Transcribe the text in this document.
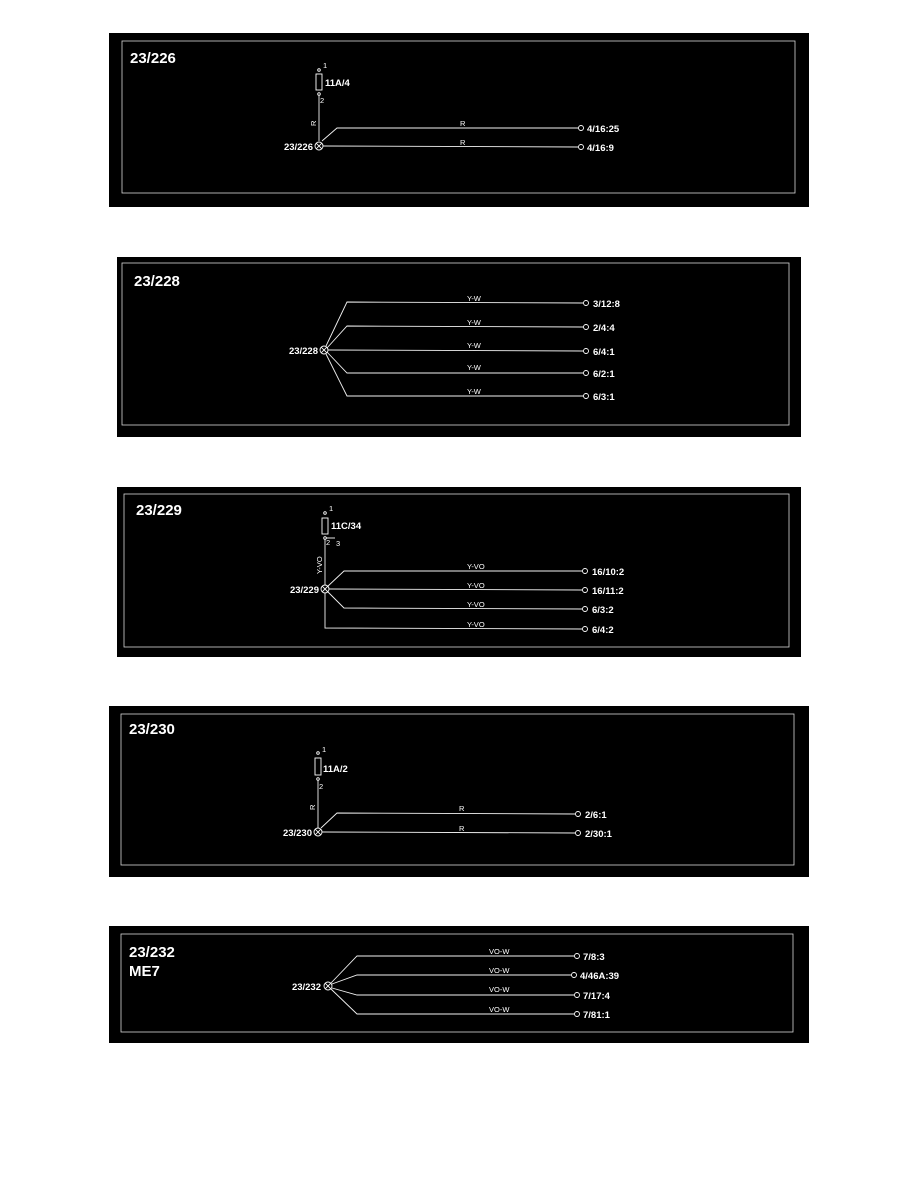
23/226	1
2
11A/4
R	R
4/16:25
R
4/16:9
23/226
23/228
Y-W
3/12:8
Y-W
2/4:4
Y-W
6/4:1
Y-W
6/2:1
Y-W
6/3:1
23/228
23/229	1
2 3
11C/34
Y-VO	Y-VO
16/10:2
Y-VO
16/11:2
Y-VO
6/3:2
Y-VO
6/4:2
23/229
23/230
1
2
11A/2
R	R
2/6:1
R
2/30:1
23/230
23/232
ME7
VO-W
7/8:3
VO-W
4/46A:39
VO-W
7/17:4
VO-W
7/81:1
23/232
